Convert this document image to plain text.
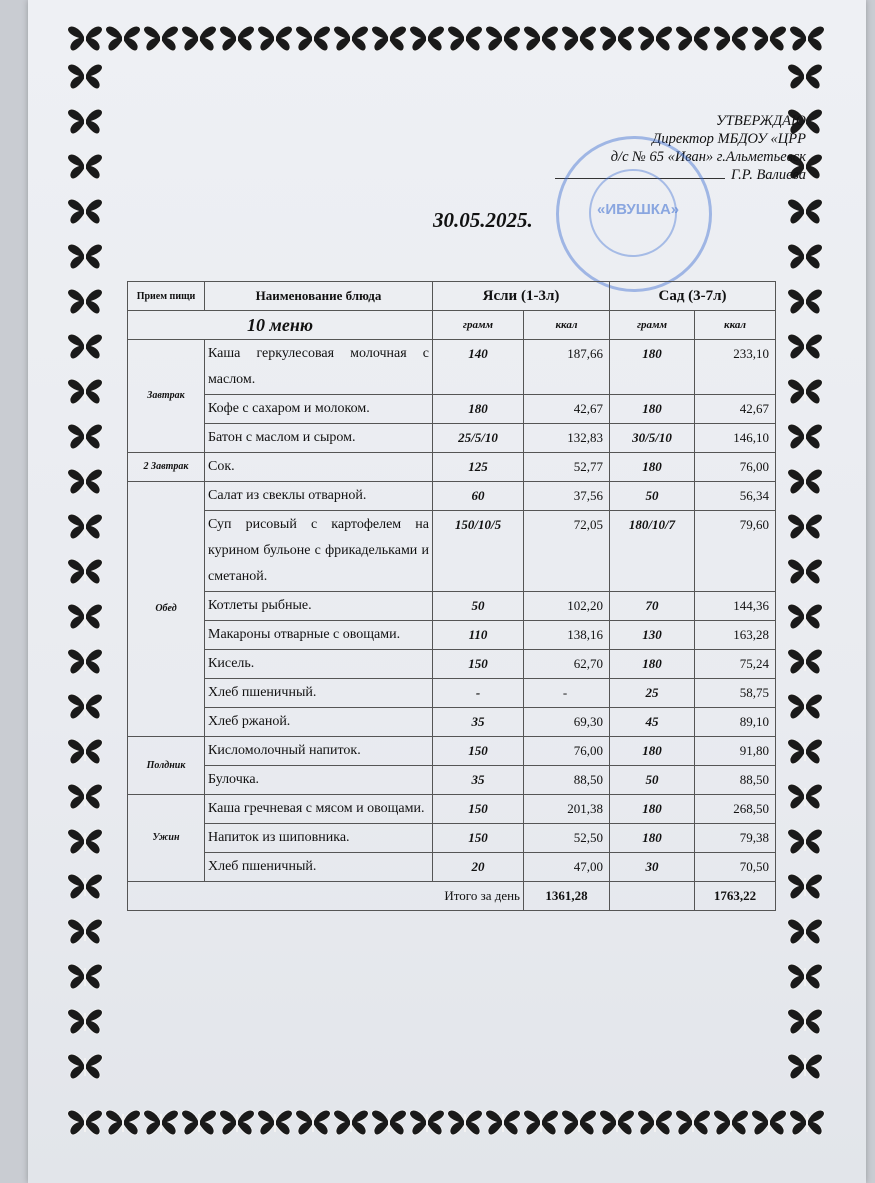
УТВЕРЖДАЮ
Директор МБДОУ «ЦРР
д/с № 65 «Иван» г.Альметьевск
Г.Р. Валиева
«ИВУШКА»
30.05.2025.
Прием пищи	Наименование блюда	Ясли (1-3л)		Сад (3-7л)	
10 меню		грамм	ккал	грамм	ккал
Завтрак	Каша геркулесовая молочная с маслом.	140	187,66	180	233,10
	Кофе с сахаром и молоком.	180	42,67	180	42,67
	Батон с маслом и сыром.	25/5/10	132,83	30/5/10	146,10
2 Завтрак	Сок.	125	52,77	180	76,00
Обед	Салат из свеклы отварной.	60	37,56	50	56,34
	Суп рисовый с картофелем на курином бульоне с фрикадельками и сметаной.	150/10/5	72,05	180/10/7	79,60
	Котлеты рыбные.	50	102,20	70	144,36
	Макароны отварные с овощами.	110	138,16	130	163,28
	Кисель.	150	62,70	180	75,24
	Хлеб пшеничный.	-	-	25	58,75
	Хлеб ржаной.	35	69,30	45	89,10
Полдник	Кисломолочный напиток.	150	76,00	180	91,80
	Булочка.	35	88,50	50	88,50
Ужин	Каша гречневая с мясом и овощами.	150	201,38	180	268,50
	Напиток из шиповника.	150	52,50	180	79,38
	Хлеб пшеничный.	20	47,00	30	70,50
Итого за день			1361,28		1763,22
